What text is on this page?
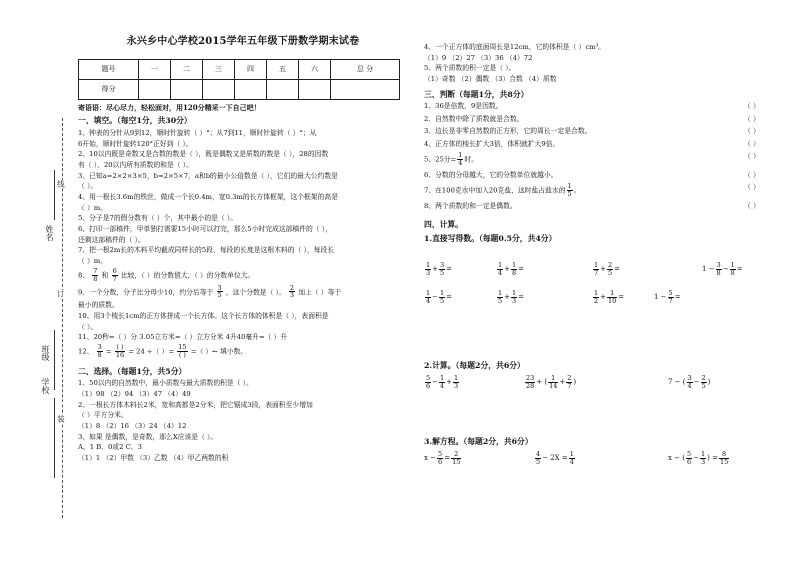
姓名
班级
学校
线
订
装
永兴乡中心学校2015学年五年级下册数学期末试卷
题号	一	二	三	四	五	六	总 分
得分							
寄语语：尽心尽力，轻松面对，用120分精采一下自己吧！
一、填空。（每空1分，共30分）
1、钟表的分针从9到12，顺时针旋转（ ）°；从7到11，顺时针旋转（ ）°；从
6开始，顺时针旋转120°正好到（ ）。
2、10以内既是奇数又是合数的数是（ ），既是偶数又是质数的数是（ ），28的因数
有（ ），20以内所有质数的和是（ ）。
3、已知a=2×2×3×5，b=2×5×7，a和b的最小公倍数是（ ），它们的最大公约数是
（ ）。
4、用一根长3.6m的铁丝，做成一个长0.4m，宽0.3m的长方体框架，这个框架的高是
（ ）m。
5、分子是7的假分数有（ ）个，其中最小的是（ ）。
6、打印一部稿件，甲单独打需要15小时可以打完，那么5小时完成这部稿件的（ ），
还剩这部稿件的（ ）。
7、把一根2m长的木料平均截成同样长的5段，每段的长度是这根木料的（ ），每段长
（ ）m。
8、 $\frac{7}{8}$ 和 $\frac{6}{7}$ 比较，（ ）的分数值大，（ ）的分数单位大。
9、一个分数，分子比分母少10，约分后等于 $\frac{3}{5}$ ，这个分数是（ ）。 $\frac{2}{3}$ 加上（ ）等于
最小的质数。
10、用3个棱长1cm的正方体拼成一个长方体。这个长方体的体积是（ ），表面积是
（ ）。
11、20秒=（ ）分 3.05立方米=（ ）立方分米 4升40毫升=（ ）升
12、 $\frac{3}{8} = \frac{( )}{16} = 24$ ÷（ ）= $\frac{15}{( )}$ =（ ）← 填小数。
二、选择。（每题1分，共5分）
1、50以内的自然数中，最小质数与最大质数的积是（ ）。
（1）98 （2）94 （3）47 （4）49
2、一根长方体木料长2米，宽和高都是2分米，把它锯成3段，表面积至少增加
（ ）平方分米。
（1）8 （2）16 （3）24 （4）12
3、如果 是偶数，是奇数，那么X应该是（ ）。
A、1 B、0或2 C、3
（1）1 （2）甲数 （3）乙数 （4）甲乙两数的积
4、一个正方体的底面周长是12cm，它的体积是（ ）cm³。
（1）9 （2）27 （3）36 （4）72
5、两个质数的积一定是（ ）。
（1）奇数 （2）偶数 （3）合数 （4）质数
三、判断（每题1分，共8分）
1、36是倍数，9是因数。	（ ）
2、自然数中除了质数就是合数。	（ ）
3、边长是非零自然数的正方形，它的周长一定是合数。	（ ）
4、正方体的棱长扩大3倍，体积就扩大9倍。	（ ）
5、25分= $\frac{1}{4}$ 时。	（ ）
6、分数的分母越大，它的分数单位就越小。	（ ）
7、在100克水中加入20克盐，这时盐占盐水的 $\frac{1}{5}$ 。	（ ）
8、两个质数的和一定是偶数。	（ ）
四、计算。
1.直接写得数。（每题0.5分，共4分）
$\frac{1}{3} + \frac{3}{5}$ =	$\frac{1}{4} + \frac{1}{8}$ =	$\frac{1}{7} + \frac{2}{5}$ =	$1 - \frac{3}{8} - \frac{1}{8}$ =
$\frac{1}{4} - \frac{1}{5}$ =	$\frac{1}{5} + \frac{1}{3}$ =	$\frac{1}{2} + \frac{1}{10}$ =	$1 - \frac{5}{7}$ =
2.计算。（每题2分，共6分）
$\frac{5}{6} - \frac{1}{4} + \frac{1}{3}$	$\frac{23}{28}$ + ( $\frac{1}{14} + \frac{2}{7}$ )	7 − ( $\frac{3}{4} - \frac{2}{5}$ )
3.解方程。（每题2分，共6分）
$x - \frac{5}{6} = \frac{2}{15}$	$\frac{4}{5} - 2X = \frac{1}{4}$	x − ( $\frac{5}{6} - \frac{1}{3}$ ) = $\frac{8}{15}$
